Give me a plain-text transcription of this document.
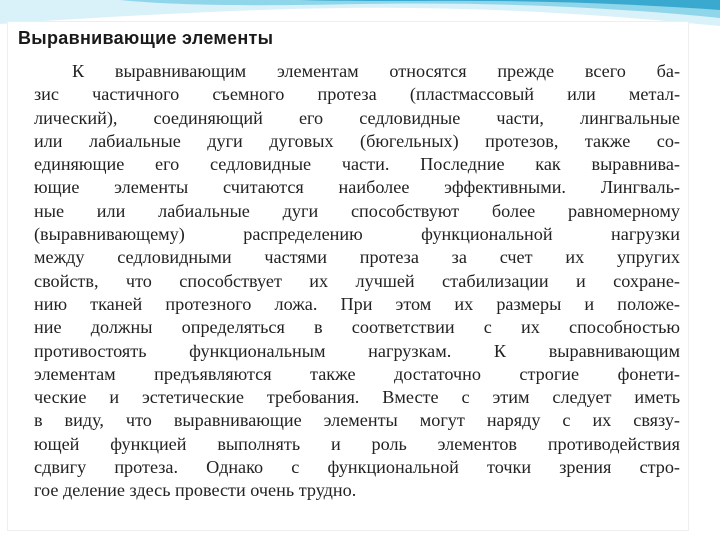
Выравнивающие элементы
К выравнивающим элементам относятся прежде всего ба-
зис частичного съемного протеза (пластмассовый или метал-
лический), соединяющий его седловидные части, лингвальные
или лабиальные дуги дуговых (бюгельных) протезов, также со-
единяющие его седловидные части. Последние как выравнива-
ющие элементы считаются наиболее эффективными. Лингваль-
ные или лабиальные дуги способствуют более равномерному
(выравнивающему) распределению функциональной нагрузки
между седловидными частями протеза за счет их упругих
свойств, что способствует их лучшей стабилизации и сохране-
нию тканей протезного ложа. При этом их размеры и положе-
ние должны определяться в соответствии с их способностью
противостоять функциональным нагрузкам. К выравнивающим
элементам предъявляются также достаточно строгие фонети-
ческие и эстетические требования. Вместе с этим следует иметь
в виду, что выравнивающие элементы могут наряду с их связу-
ющей функцией выполнять и роль элементов противодействия
сдвигу протеза. Однако с функциональной точки зрения стро-
гое деление здесь провести очень трудно.
